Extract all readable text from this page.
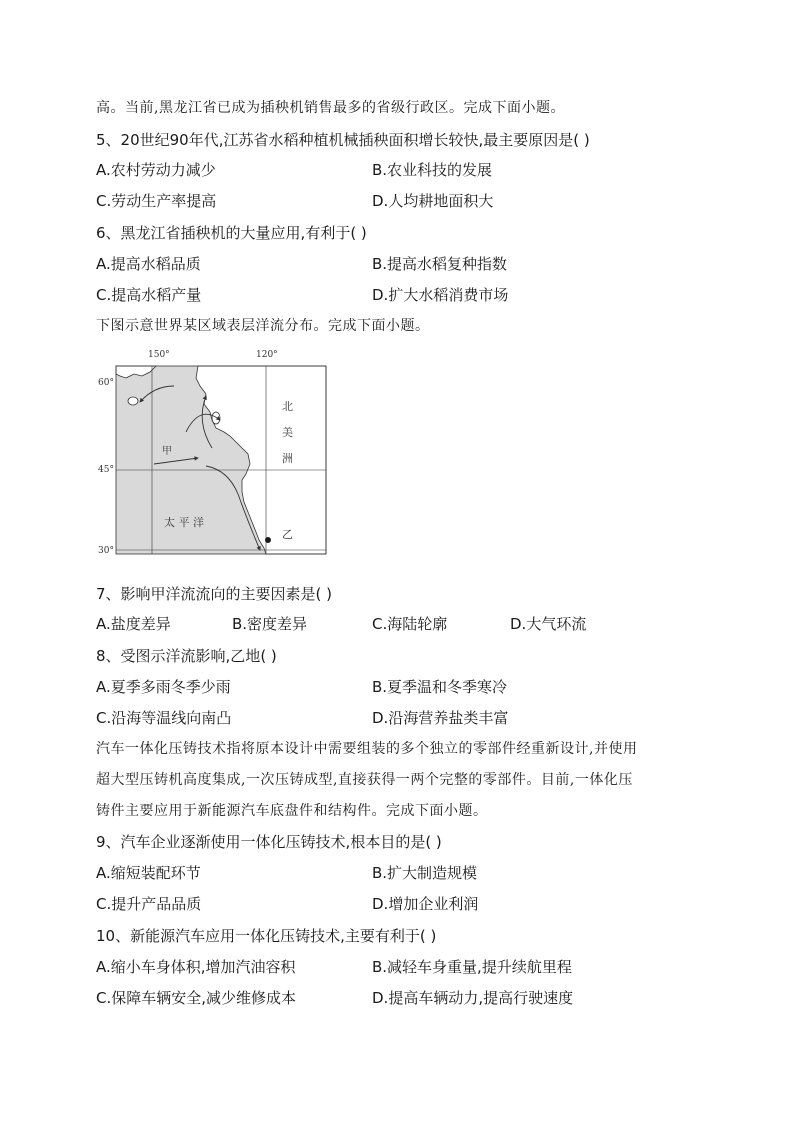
高。当前,黑龙江省已成为插秧机销售最多的省级行政区。完成下面小题。
5、20世纪90年代,江苏省水稻种植机械插秧面积增长较快,最主要原因是( )
A.农村劳动力减少	B.农业科技的发展
C.劳动生产率提高	D.人均耕地面积大
6、黑龙江省插秧机的大量应用,有利于( )
A.提高水稻品质	B.提高水稻复种指数
C.提高水稻产量	D.扩大水稻消费市场
下图示意世界某区域表层洋流分布。完成下面小题。
150°	120°
60°
45°
30°
北
美
洲
甲
太 平 洋
乙
7、影响甲洋流流向的主要因素是( )
A.盐度差异	B.密度差异	C.海陆轮廓	D.大气环流
8、受图示洋流影响,乙地( )
A.夏季多雨冬季少雨	B.夏季温和冬季寒冷
C.沿海等温线向南凸	D.沿海营养盐类丰富
汽车一体化压铸技术指将原本设计中需要组装的多个独立的零部件经重新设计,并使用
超大型压铸机高度集成,一次压铸成型,直接获得一两个完整的零部件。目前,一体化压
铸件主要应用于新能源汽车底盘件和结构件。完成下面小题。
9、汽车企业逐渐使用一体化压铸技术,根本目的是( )
A.缩短装配环节	B.扩大制造规模
C.提升产品品质	D.增加企业利润
10、新能源汽车应用一体化压铸技术,主要有利于( )
A.缩小车身体积,增加汽油容积	B.减轻车身重量,提升续航里程
C.保障车辆安全,减少维修成本	D.提高车辆动力,提高行驶速度
